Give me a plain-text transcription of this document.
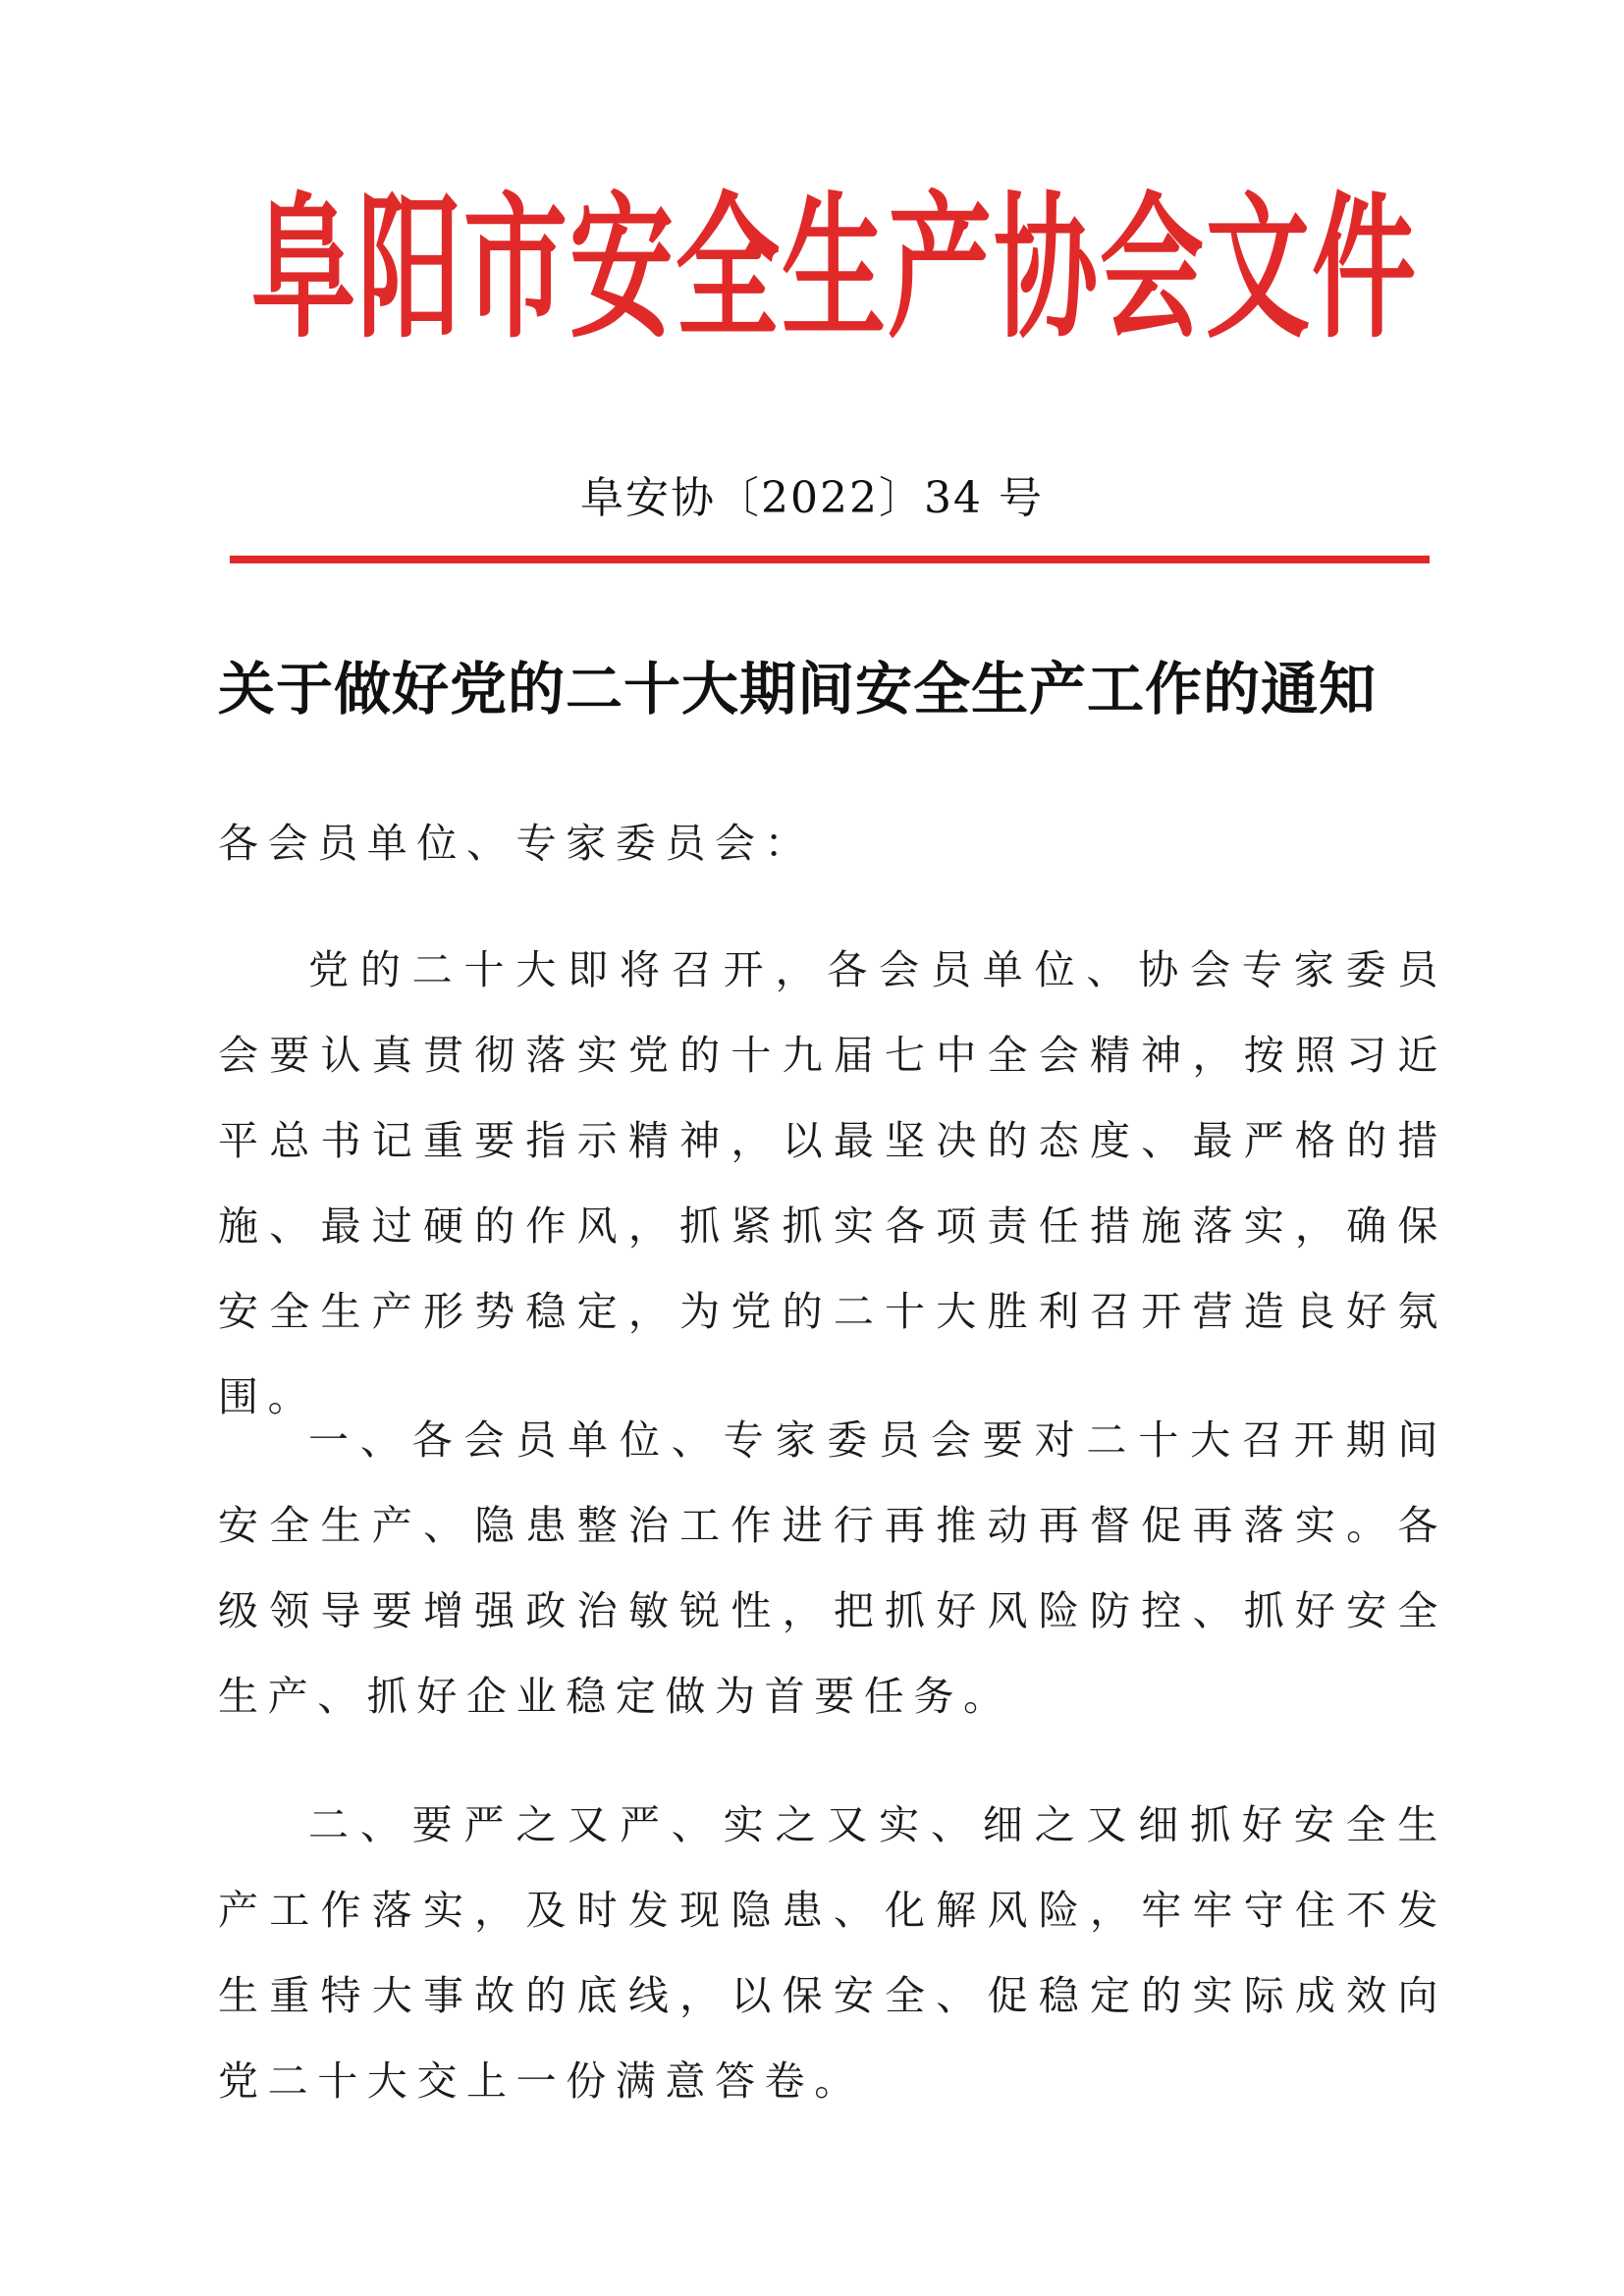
阜阳市安全生产协会文件
阜安协〔2022〕34 号
关于做好党的二十大期间安全生产工作的通知

各会员单位、专家委员会：

党的二十大即将召开，各会员单位、协会专家委员会要认真贯彻落实党的十九届七中全会精神，按照习近平总书记重要指示精神，以最坚决的态度、最严格的措施、最过硬的作风，抓紧抓实各项责任措施落实，确保安全生产形势稳定，为党的二十大胜利召开营造良好氛围。

一、各会员单位、专家委员会要对二十大召开期间安全生产、隐患整治工作进行再推动再督促再落实。各级领导要增强政治敏锐性，把抓好风险防控、抓好安全生产、抓好企业稳定做为首要任务。

二、要严之又严、实之又实、细之又细抓好安全生产工作落实，及时发现隐患、化解风险，牢牢守住不发生重特大事故的底线，以保安全、促稳定的实际成效向党二十大交上一份满意答卷。
